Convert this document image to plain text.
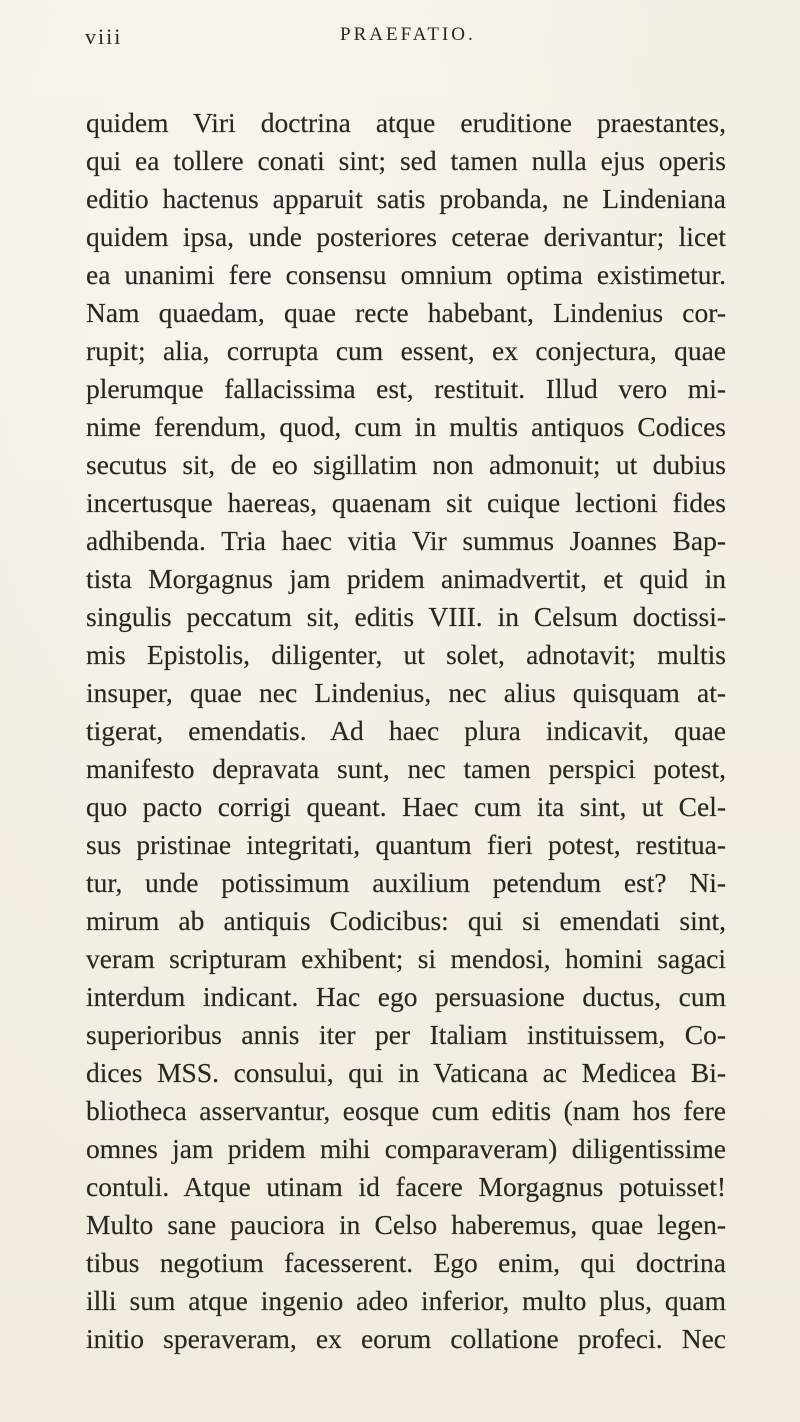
viii	PRAEFATIO.
quidem Viri doctrina atque eruditione praestantes,
qui ea tollere conati sint; sed tamen nulla ejus operis
editio hactenus apparuit satis probanda, ne Lindeniana
quidem ipsa, unde posteriores ceterae derivantur; licet
ea unanimi fere consensu omnium optima existimetur.
Nam quaedam, quae recte habebant, Lindenius cor-
rupit; alia, corrupta cum essent, ex conjectura, quae
plerumque fallacissima est, restituit. Illud vero mi-
nime ferendum, quod, cum in multis antiquos Codices
secutus sit, de eo sigillatim non admonuit; ut dubius
incertusque haereas, quaenam sit cuique lectioni fides
adhibenda. Tria haec vitia Vir summus Joannes Bap-
tista Morgagnus jam pridem animadvertit, et quid in
singulis peccatum sit, editis VIII. in Celsum doctissi-
mis Epistolis, diligenter, ut solet, adnotavit; multis
insuper, quae nec Lindenius, nec alius quisquam at-
tigerat, emendatis. Ad haec plura indicavit, quae
manifesto depravata sunt, nec tamen perspici potest,
quo pacto corrigi queant. Haec cum ita sint, ut Cel-
sus pristinae integritati, quantum fieri potest, restitua-
tur, unde potissimum auxilium petendum est? Ni-
mirum ab antiquis Codicibus: qui si emendati sint,
veram scripturam exhibent; si mendosi, homini sagaci
interdum indicant. Hac ego persuasione ductus, cum
superioribus annis iter per Italiam instituissem, Co-
dices MSS. consului, qui in Vaticana ac Medicea Bi-
bliotheca asservantur, eosque cum editis (nam hos fere
omnes jam pridem mihi comparaveram) diligentissime
contuli. Atque utinam id facere Morgagnus potuisset!
Multo sane pauciora in Celso haberemus, quae legen-
tibus negotium facesserent. Ego enim, qui doctrina
illi sum atque ingenio adeo inferior, multo plus, quam
initio speraveram, ex eorum collatione profeci. Nec
